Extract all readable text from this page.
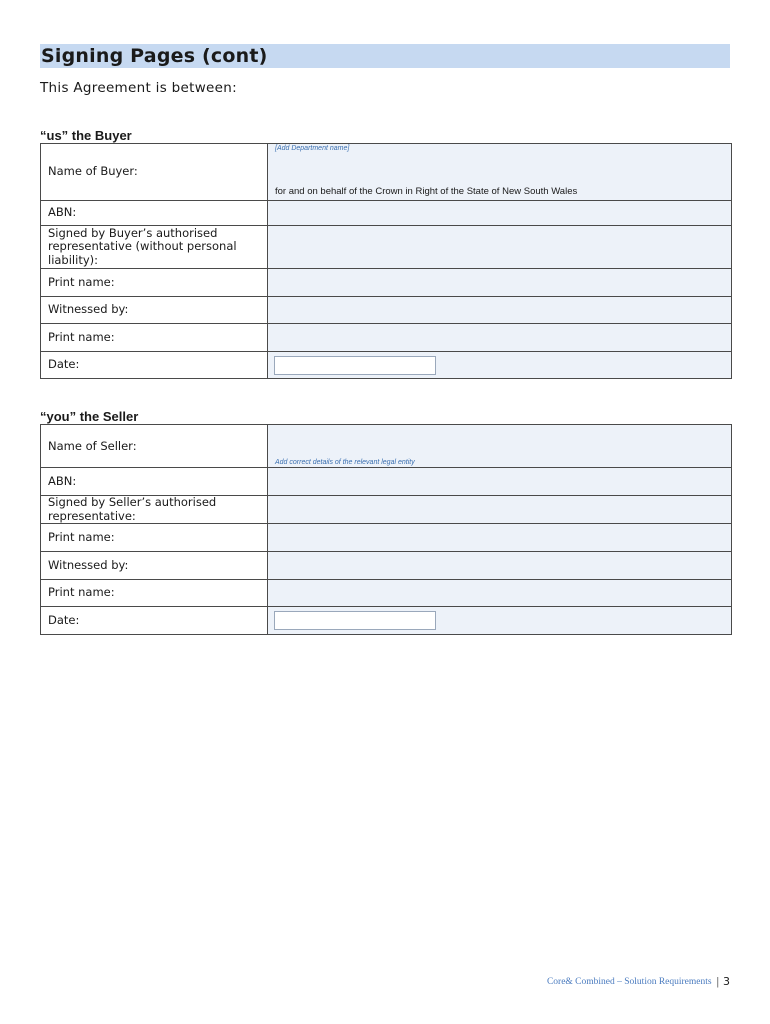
Signing Pages (cont)
This Agreement is between:
“us” the Buyer
Name of Buyer:	[Add Department name]
for and on behalf of the Crown in Right of the State of New South Wales

ABN:	
Signed by Buyer’s authorised representative (without personal liability):	
Print name:	
Witnessed by:	
Print name:	
Date:	
“you” the Seller
Name of Seller:	Add correct details of the relevant legal entity

ABN:	
Signed by Seller’s authorised representative:	
Print name:	
Witnessed by:	
Print name:	
Date:	
Core& Combined – Solution Requirements | 3
